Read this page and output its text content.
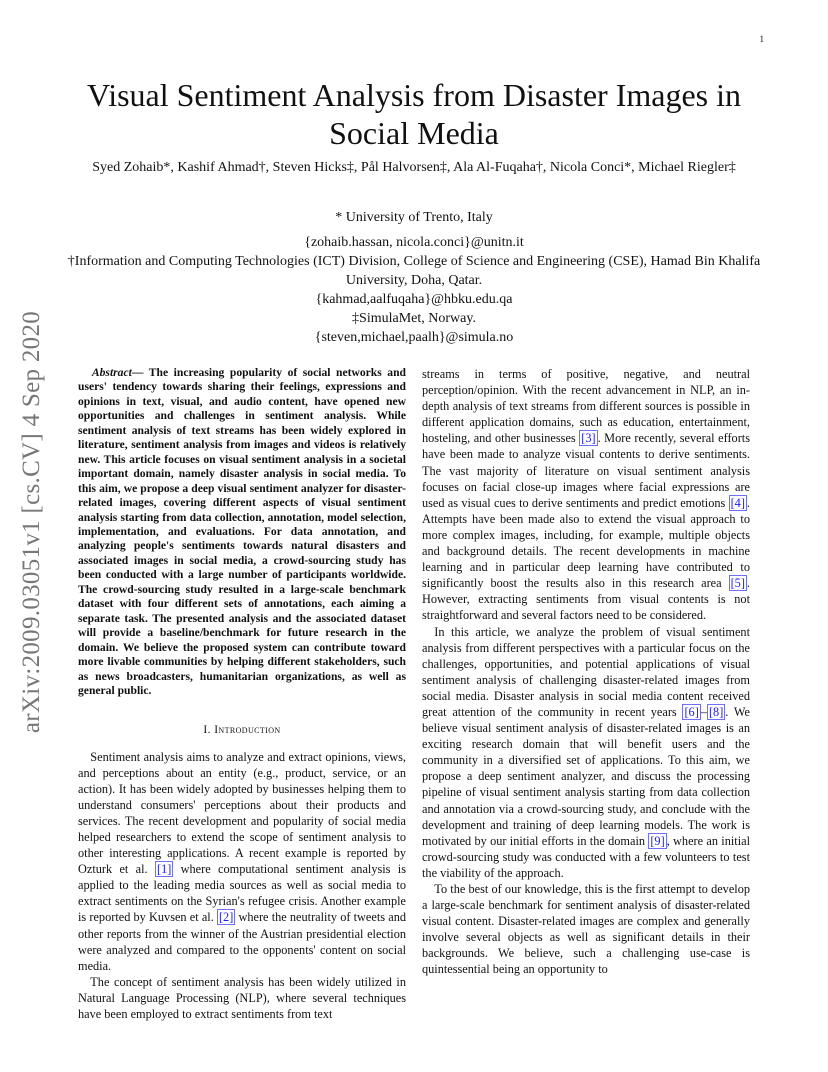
1
arXiv:2009.03051v1 [cs.CV] 4 Sep 2020
Visual Sentiment Analysis from Disaster Images in Social Media
Syed Zohaib*, Kashif Ahmad†, Steven Hicks‡, Pål Halvorsen‡, Ala Al-Fuqaha†, Nicola Conci*, Michael Riegler‡
* University of Trento, Italy
{zohaib.hassan, nicola.conci}@unitn.it
†Information and Computing Technologies (ICT) Division, College of Science and Engineering (CSE), Hamad Bin Khalifa University, Doha, Qatar.
{kahmad,aalfuqaha}@hbku.edu.qa
‡SimulaMet, Norway.
{steven,michael,paalh}@simula.no
Abstract— The increasing popularity of social networks and users' tendency towards sharing their feelings, expressions and opinions in text, visual, and audio content, have opened new opportunities and challenges in sentiment analysis. While sentiment analysis of text streams has been widely explored in literature, sentiment analysis from images and videos is relatively new. This article focuses on visual sentiment analysis in a societal important domain, namely disaster analysis in social media. To this aim, we propose a deep visual sentiment analyzer for disaster-related images, covering different aspects of visual sentiment analysis starting from data collection, annotation, model selection, implementation, and evaluations. For data annotation, and analyzing people's sentiments towards natural disasters and associated images in social media, a crowd-sourcing study has been conducted with a large number of participants worldwide. The crowd-sourcing study resulted in a large-scale benchmark dataset with four different sets of annotations, each aiming a separate task. The presented analysis and the associated dataset will provide a baseline/benchmark for future research in the domain. We believe the proposed system can contribute toward more livable communities by helping different stakeholders, such as news broadcasters, humanitarian organizations, as well as general public.
I. Introduction

Sentiment analysis aims to analyze and extract opinions, views, and perceptions about an entity (e.g., product, service, or an action). It has been widely adopted by businesses helping them to understand consumers' perceptions about their products and services. The recent development and popularity of social media helped researchers to extend the scope of sentiment analysis to other interesting applications. A recent example is reported by Ozturk et al. [1] where computational sentiment analysis is applied to the leading media sources as well as social media to extract sentiments on the Syrian's refugee crisis. Another example is reported by Kuvsen et al. [2] where the neutrality of tweets and other reports from the winner of the Austrian presidential election were analyzed and compared to the opponents' content on social media.

The concept of sentiment analysis has been widely utilized in Natural Language Processing (NLP), where several techniques have been employed to extract sentiments from text

streams in terms of positive, negative, and neutral perception/opinion. With the recent advancement in NLP, an in-depth analysis of text streams from different sources is possible in different application domains, such as education, entertainment, hosteling, and other businesses [3] . More recently, several efforts have been made to analyze visual contents to derive sentiments. The vast majority of literature on visual sentiment analysis focuses on facial close-up images where facial expressions are used as visual cues to derive sentiments and predict emotions [4] . Attempts have been made also to extend the visual approach to more complex images, including, for example, multiple objects and background details. The recent developments in machine learning and in particular deep learning have contributed to significantly boost the results also in this research area [5] . However, extracting sentiments from visual contents is not straightforward and several factors need to be considered.

In this article, we analyze the problem of visual sentiment analysis from different perspectives with a particular focus on the challenges, opportunities, and potential applications of visual sentiment analysis of challenging disaster-related images from social media. Disaster analysis in social media content received great attention of the community in recent years [6] – [8] . We believe visual sentiment analysis of disaster-related images is an exciting research domain that will benefit users and the community in a diversified set of applications. To this aim, we propose a deep sentiment analyzer, and discuss the processing pipeline of visual sentiment analysis starting from data collection and annotation via a crowd-sourcing study, and conclude with the development and training of deep learning models. The work is motivated by our initial efforts in the domain [9] , where an initial crowd-sourcing study was conducted with a few volunteers to test the viability of the approach.

To the best of our knowledge, this is the first attempt to develop a large-scale benchmark for sentiment analysis of disaster-related visual content. Disaster-related images are complex and generally involve several objects as well as significant details in their backgrounds. We believe, such a challenging use-case is quintessential being an opportunity to
